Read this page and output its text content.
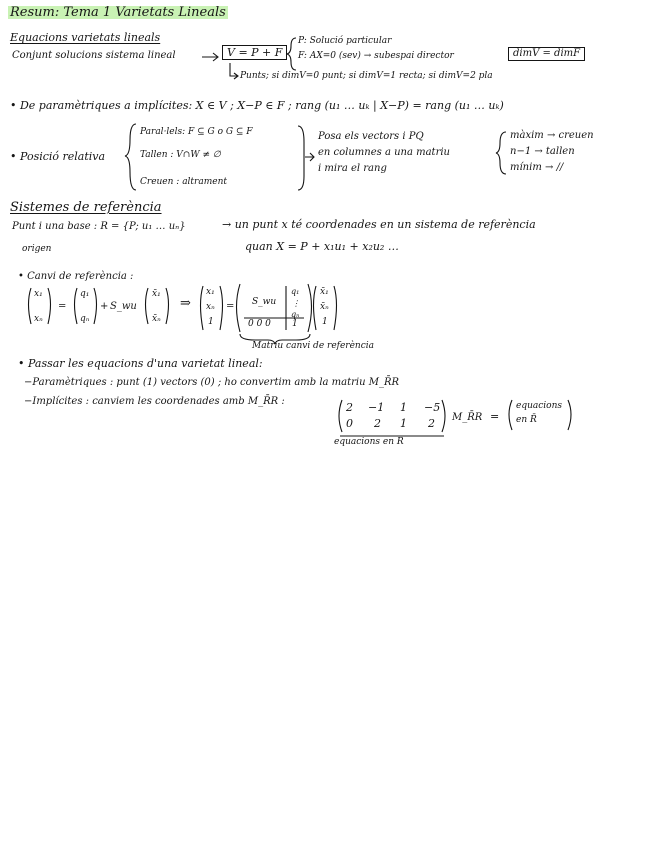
Resum: Tema 1 Varietats Lineals
Equacions varietats lineals
Conjunt solucions sistema lineal	V = P + F
P: Solució particular
F: AX=0 (sev) → subespai director	dimV = dimF
Punts; si dimV=0 punt; si dimV=1 recta; si dimV=2 pla
• De paramètriques a implícites: X ∈ V ; X−P ∈ F ; rang (u₁ … uₖ | X−P) = rang (u₁ … uₖ)
• Posició relativa
Paral·lels: F ⊆ G o G ⊆ F
Tallen : V∩W ≠ ∅
Creuen : altrament
Posa els vectors i PQ
en columnes a una matriu
i mira el rang
màxim → creuen
n−1 → tallen
mínim → //
Sistemes de referència
Punt i una base : R = {P; u₁ … uₙ}	→ un punt x té coordenades en un sistema de referència
origen	quan X = P + x₁u₁ + x₂u₂ …
• Canvi de referència :
x₁
xₙ
=
q₁
qₙ
+ S_wu
x̄₁
x̄ₙ
⇒
x₁
xₙ
1
= S_wu
q₁
⋮
qₙ
0 0 0 1
x̄₁
x̄ₙ
1
Matriu canvi de referència
• Passar les equacions d'una varietat lineal:
−Paramètriques : punt (1) vectors (0) ; ho convertim amb la matriu M_R̄R
−Implícites : canviem les coordenades amb M_R̄R :	2 −1 1 −5
0 2 1 2 M_R̄R =
equacions
en R̄
equacions en R
